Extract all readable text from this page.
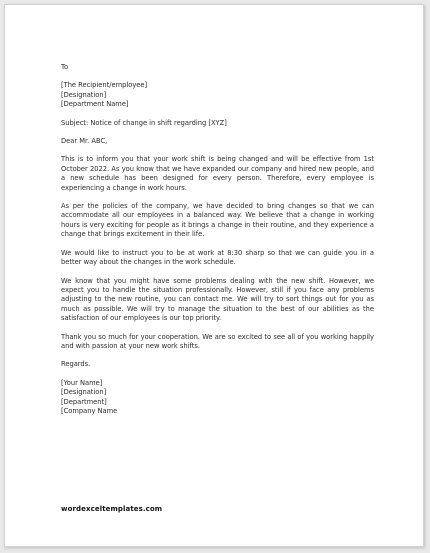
To

[The Recipient/employee]

[Designation]

[Department Name]

Subject: Notice of change in shift regarding [XYZ]

Dear Mr. ABC,

This is to inform you that your work shift is being changed and will be effective from 1st October 2022. As you know that we have expanded our company and hired new people, and a new schedule has been designed for every person. Therefore, every employee is experiencing a change in work hours.

As per the policies of the company, we have decided to bring changes so that we can accommodate all our employees in a balanced way. We believe that a change in working hours is very exciting for people as it brings a change in their routine, and they experience a change that brings excitement in their life.

We would like to instruct you to be at work at 8:30 sharp so that we can guide you in a better way about the changes in the work schedule.

We know that you might have some problems dealing with the new shift. However, we expect you to handle the situation professionally. However, still if you face any problems adjusting to the new routine, you can contact me. We will try to sort things out for you as much as possible. We will try to manage the situation to the best of our abilities as the satisfaction of our employees is our top priority.

Thank you so much for your cooperation. We are so excited to see all of you working happily and with passion at your new work shifts.

Regards.

[Your Name]

[Designation]

[Department]

[Company Name

wordexceltemplates.com
